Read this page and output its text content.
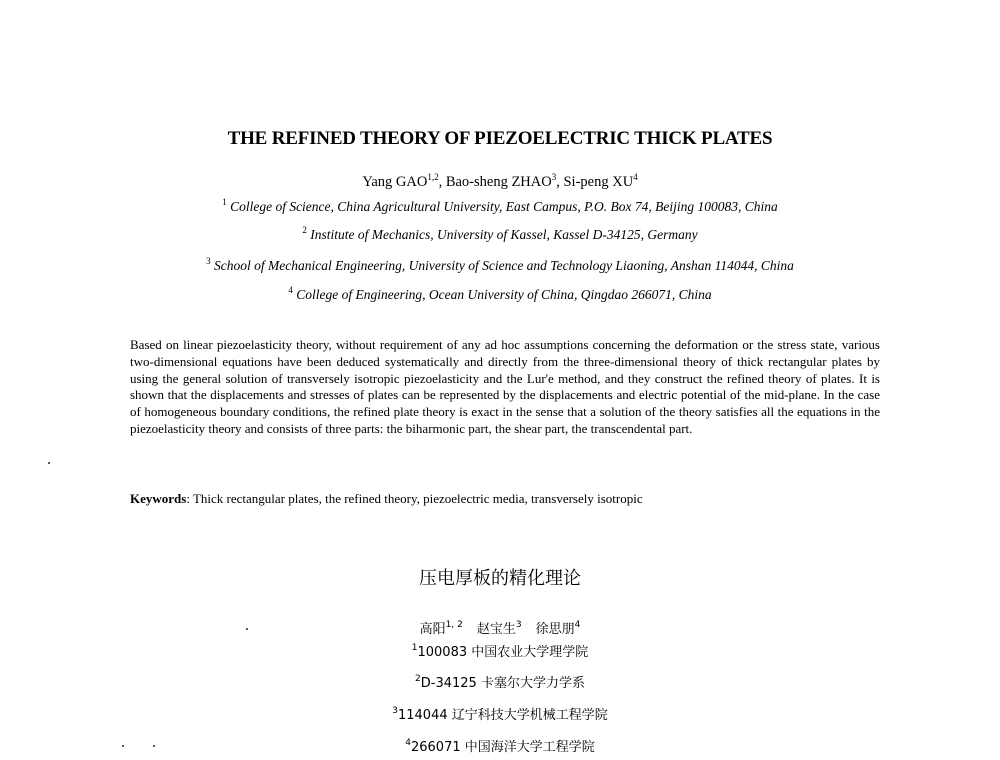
THE REFINED THEORY OF PIEZOELECTRIC THICK PLATES
Yang GAO$^{1,2}$, Bao-sheng ZHAO$^3$, Si-peng $XU^4$
$^1$ College of Science, China Agricultural University, East Campus, P.O. Box 74, Beijing 100083, China
$^2$ Institute of Mechanics, University of Kassel, Kassel D-34125, Germany
$^3$ School of Mechanical Engineering, University of Science and Technology Liaoning, Anshan 114044, China
$^4$ College of Engineering, Ocean University of China, Qingdao 266071, China
Based on linear piezoelasticity theory, without requirement of any ad hoc assumptions concerning the deformation or the stress state, various two-dimensional equations have been deduced systematically and directly from the three-dimensional theory of thick rectangular plates by using the general solution of transversely isotropic piezoelasticity and the Lur'e method, and they construct the refined theory of plates. It is shown that the displacements and stresses of plates can be represented by the displacements and electric potential of the mid-plane. In the case of homogeneous boundary conditions, the refined plate theory is exact in the sense that a solution of the theory satisfies all the equations in the piezoelasticity theory and consists of three parts: the biharmonic part, the shear part, the transcendental part.
Keywords: Thick rectangular plates, the refined theory, piezoelectric media, transversely isotropic
压电厚板的精化理论
高阳$^{1, 2}$ 赵宝生$^3$ 徐思朋$^4$
$^1$100083 中国农业大学理学院
$^2$D-34125 卡塞尔大学力学系
$^3$114044 辽宁科技大学机械工程学院
$^4$266071 中国海洋大学工程学院
